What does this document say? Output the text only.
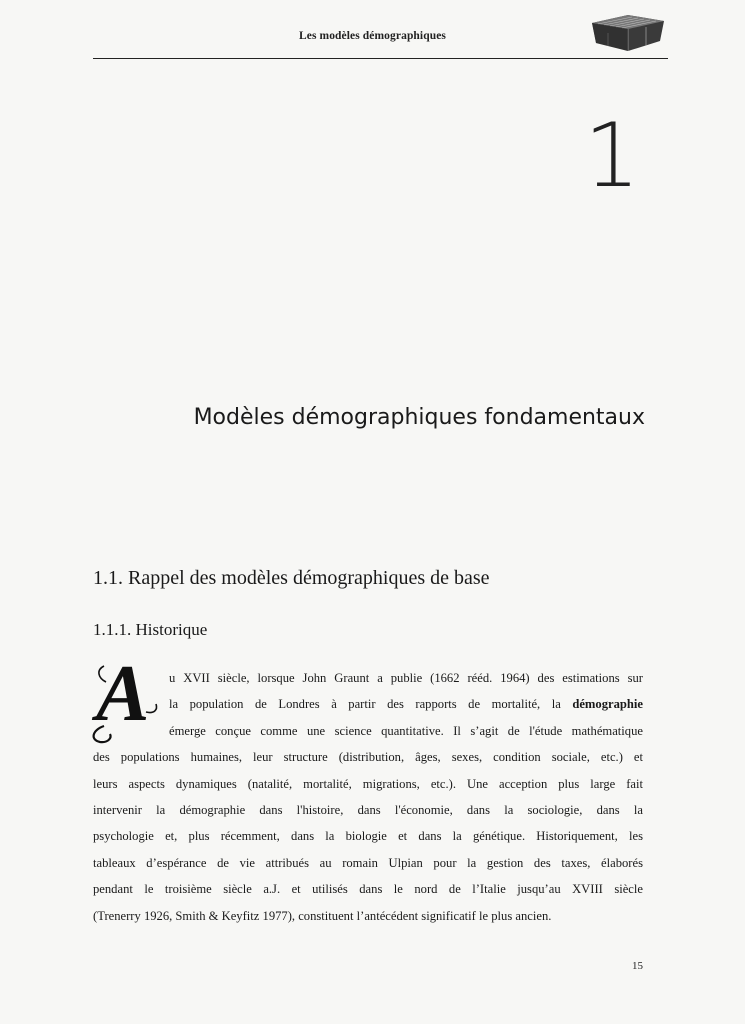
Les modèles démographiques
1
Modèles démographiques fondamentaux
1.1. Rappel des modèles démographiques de base
1.1.1. Historique
A	u XVII siècle, lorsque John Graunt a publie (1662 rééd. 1964) des estimations sur
la population de Londres à partir des rapports de mortalité, la démographie
émerge conçue comme une science quantitative. Il s’agit de l'étude mathématique
des populations humaines, leur structure (distribution, âges, sexes, condition sociale, etc.) et
leurs aspects dynamiques (natalité, mortalité, migrations, etc.). Une acception plus large fait
intervenir la démographie dans l'histoire, dans l'économie, dans la sociologie, dans la
psychologie et, plus récemment, dans la biologie et dans la génétique. Historiquement, les
tableaux d’espérance de vie attribués au romain Ulpian pour la gestion des taxes, élaborés
pendant le troisième siècle a.J. et utilisés dans le nord de l’Italie jusqu’au XVIII siècle
(Trenerry 1926, Smith & Keyfitz 1977), constituent l’antécédent significatif le plus ancien.
15
